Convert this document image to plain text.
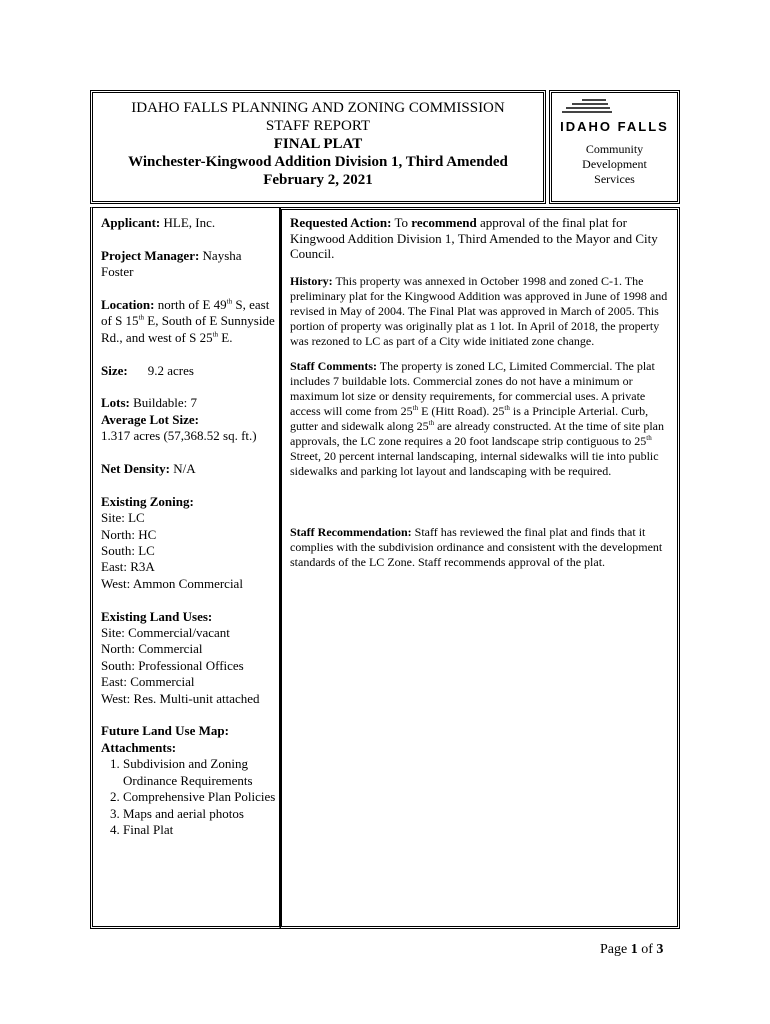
IDAHO FALLS PLANNING AND ZONING COMMISSION
STAFF REPORT
FINAL PLAT
Winchester-Kingwood Addition Division 1, Third Amended
February 2, 2021
IDAHO FALLS
Community
Development
Services

Applicant: HLE, Inc.

Project Manager: Naysha Foster

Location: north of E 49th S, east of S 15th E, South of E Sunnyside Rd., and west of S 25th E.

Size: 9.2 acres

Lots: Buildable: 7

Average Lot Size:

1.317 acres (57,368.52 sq. ft.)

Net Density: N/A

Existing Zoning:

Site: LC

North: HC

South: LC

East: R3A

West: Ammon Commercial

Existing Land Uses:

Site: Commercial/vacant

North: Commercial

South: Professional Offices

East: Commercial

West: Res. Multi-unit attached

Future Land Use Map:

Attachments:

1. Subdivision and Zoning Ordinance Requirements
2. Comprehensive Plan Policies
3. Maps and aerial photos
4. Final Plat

Requested Action: To recommend approval of the final plat for Kingwood Addition Division 1, Third Amended to the Mayor and City Council.

History: This property was annexed in October 1998 and zoned C-1. The preliminary plat for the Kingwood Addition was approved in June of 1998 and revised in May of 2004. The Final Plat was approved in March of 2005. This portion of property was originally plat as 1 lot. In April of 2018, the property was rezoned to LC as part of a City wide initiated zone change.

Staff Comments: The property is zoned LC, Limited Commercial. The plat includes 7 buildable lots. Commercial zones do not have a minimum or maximum lot size or density requirements, for commercial uses. A private access will come from 25th E (Hitt Road). 25th is a Principle Arterial. Curb, gutter and sidewalk along 25th are already constructed. At the time of site plan approvals, the LC zone requires a 20 foot landscape strip contiguous to 25th Street, 20 percent internal landscaping, internal sidewalks will tie into public sidewalks and parking lot layout and landscaping with be required.

Staff Recommendation: Staff has reviewed the final plat and finds that it complies with the subdivision ordinance and consistent with the development standards of the LC Zone. Staff recommends approval of the plat.

Page 1 of 3
